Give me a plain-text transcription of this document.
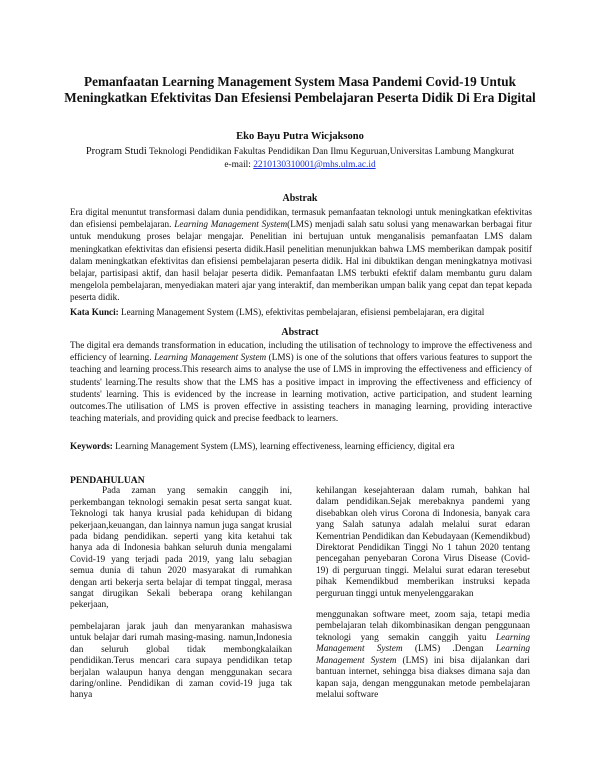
Pemanfaatan Learning Management System Masa Pandemi Covid-19 Untuk Meningkatkan Efektivitas Dan Efesiensi Pembelajaran Peserta Didik Di Era Digital
Eko Bayu Putra Wicjaksono
Program Studi Teknologi Pendidikan Fakultas Pendidikan Dan Ilmu Keguruan,Universitas Lambung Mangkurat
e-mail: 2210130310001@mhs.ulm.ac.id
Abstrak
Era digital menuntut transformasi dalam dunia pendidikan, termasuk pemanfaatan teknologi untuk meningkatkan efektivitas dan efisiensi pembelajaran. Learning Management System(LMS) menjadi salah satu solusi yang menawarkan berbagai fitur untuk mendukung proses belajar mengajar. Penelitian ini bertujuan untuk menganalisis pemanfaatan LMS dalam meningkatkan efektivitas dan efisiensi peserta didik.Hasil penelitian menunjukkan bahwa LMS memberikan dampak positif dalam meningkatkan efektivitas dan efisiensi pembelajaran peserta didik. Hal ini dibuktikan dengan meningkatnya motivasi belajar, partisipasi aktif, dan hasil belajar peserta didik. Pemanfaatan LMS terbukti efektif dalam membantu guru dalam mengelola pembelajaran, menyediakan materi ajar yang interaktif, dan memberikan umpan balik yang cepat dan tepat kepada peserta didik.
Kata Kunci: Learning Management System (LMS), efektivitas pembelajaran, efisiensi pembelajaran, era digital
Abstract
The digital era demands transformation in education, including the utilisation of technology to improve the effectiveness and efficiency of learning. Learning Management System (LMS) is one of the solutions that offers various features to support the teaching and learning process.This research aims to analyse the use of LMS in improving the effectiveness and efficiency of students' learning.The results show that the LMS has a positive impact in improving the effectiveness and efficiency of students' learning. This is evidenced by the increase in learning motivation, active participation, and student learning outcomes.The utilisation of LMS is proven effective in assisting teachers in managing learning, providing interactive teaching materials, and providing quick and precise feedback to learners.
Keywords: Learning Management System (LMS), learning effectiveness, learning efficiency, digital era

PENDAHULUAN

Pada zaman yang semakin canggih ini, perkembangan teknologi semakin pesat serta sangat kuat. Teknologi tak hanya krusial pada kehidupan di bidang pekerjaan,keuangan, dan lainnya namun juga sangat krusial pada bidang pendidikan. seperti yang kita ketahui tak hanya ada di Indonesia bahkan seluruh dunia mengalami Covid-19 yang terjadi pada 2019, yang lalu sebagian semua dunia di tahun 2020 masyarakat di rumahkan dengan arti bekerja serta belajar di tempat tinggal, merasa sangat dirugikan Sekali beberapa orang kehilangan pekerjaan,

pembelajaran jarak jauh dan menyarankan mahasiswa untuk belajar dari rumah masing-masing. namun,Indonesia dan seluruh global tidak membongkalaikan pendidikan.Terus mencari cara supaya pendidikan tetap berjalan walaupun hanya dengan menggunakan secara daring/online. Pendidikan di zaman covid-19 juga tak hanya

kehilangan kesejahteraan dalam rumah, bahkan hal dalam pendidikan.Sejak merebaknya pandemi yang disebabkan oleh virus Corona di Indonesia, banyak cara yang Salah satunya adalah melalui surat edaran Kementrian Pendidikan dan Kebudayaan (Kemendikbud) Direktorat Pendidikan Tinggi No 1 tahun 2020 tentang pencegahan penyebaran Corona Virus Disease (Covid-19) di perguruan tinggi. Melalui surat edaran teresebut pihak Kemendikbud memberikan instruksi kepada perguruan tinggi untuk menyelenggarakan

menggunakan software meet, zoom saja, tetapi media pembelajaran telah dikombinasikan dengan penggunaan teknologi yang semakin canggih yaitu Learning Management System (LMS) .Dengan Learning Management System (LMS) ini bisa dijalankan dari bantuan internet, sehingga bisa diakses dimana saja dan kapan saja, dengan menggunakan metode pembelajaran melalui software
